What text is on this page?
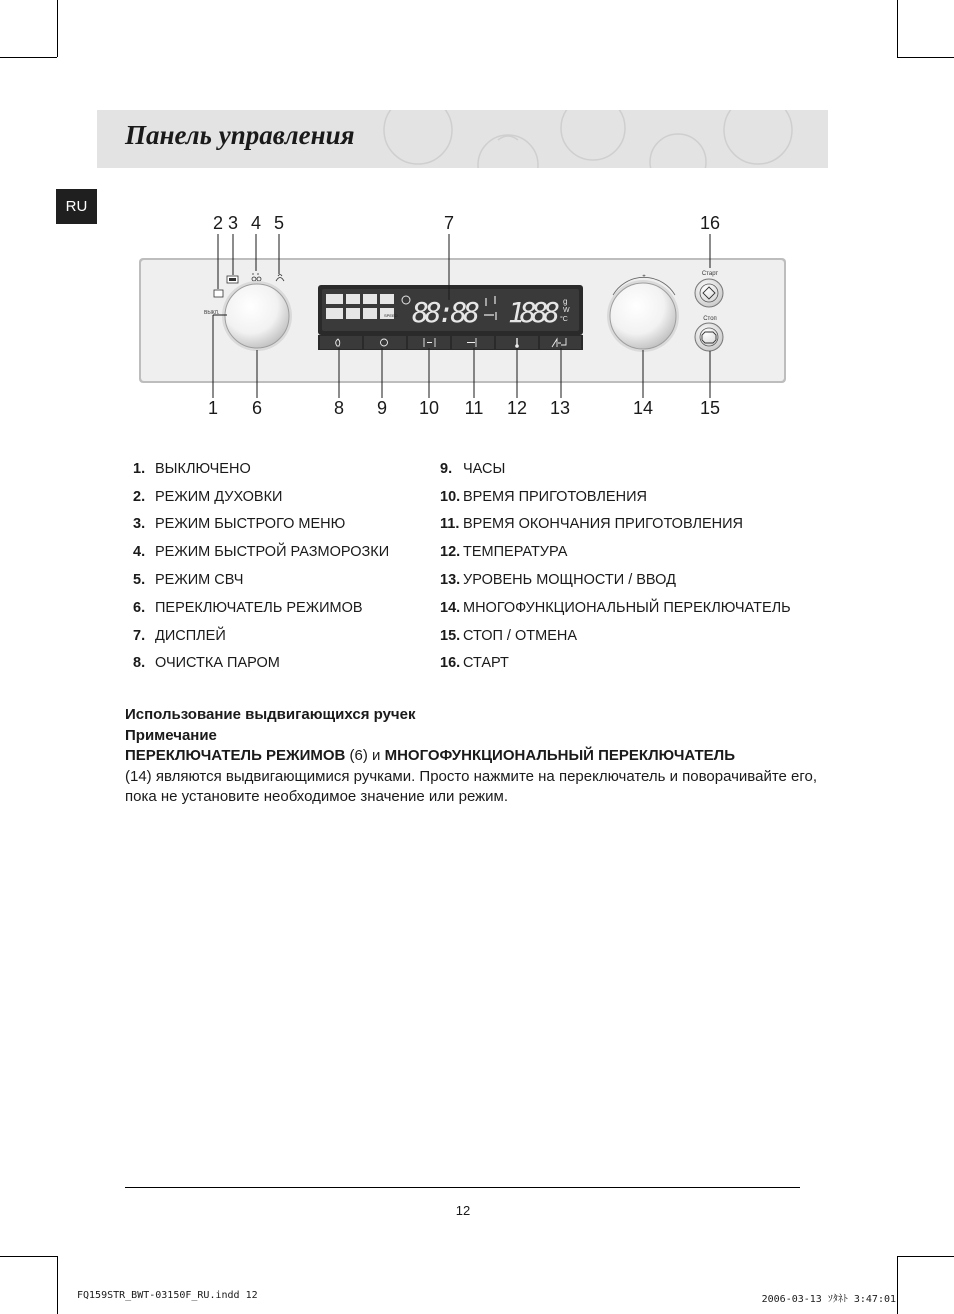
Панель управления
RU
ВЫКЛ.	SPEED 88:88 1888 g
W
°C
+	Старт
Стоп
2 3 4 5	7	16
1 6	8 9 10 11 12 13	14	15
1. ВЫКЛЮЧЕНО
2. РЕЖИМ ДУХОВКИ
3. РЕЖИМ БЫСТРОГО МЕНЮ
4. РЕЖИМ БЫСТРОЙ РАЗМОРОЗКИ
5. РЕЖИМ СВЧ
6. ПЕРЕКЛЮЧАТЕЛЬ РЕЖИМОВ
7. ДИСПЛЕЙ
8. ОЧИСТКА ПАРОМ
9. ЧАСЫ
10. ВРЕМЯ ПРИГОТОВЛЕНИЯ
11. ВРЕМЯ ОКОНЧАНИЯ ПРИГОТОВЛЕНИЯ
12. ТЕМПЕРАТУРА
13. УРОВЕНЬ МОЩНОСТИ / ВВОД
14. МНОГОФУНКЦИОНАЛЬНЫЙ ПЕРЕКЛЮЧАТЕЛЬ
15. СТОП / ОТМЕНА
16. СТАРТ
Использование выдвигающихся ручек
Примечание
ПЕРЕКЛЮЧАТЕЛЬ РЕЖИМОВ (6) и МНОГОФУНКЦИОНАЛЬНЫЙ ПЕРЕКЛЮЧАТЕЛЬ
(14) являются выдвигающимися ручками. Просто нажмите на переключатель и поворачивайте его, пока не установите необходимое значение или режим.
12
FQ159STR_BWT-03150F_RU.indd 12	2006-03-13 ｿﾀﾈﾄ 3:47:01
